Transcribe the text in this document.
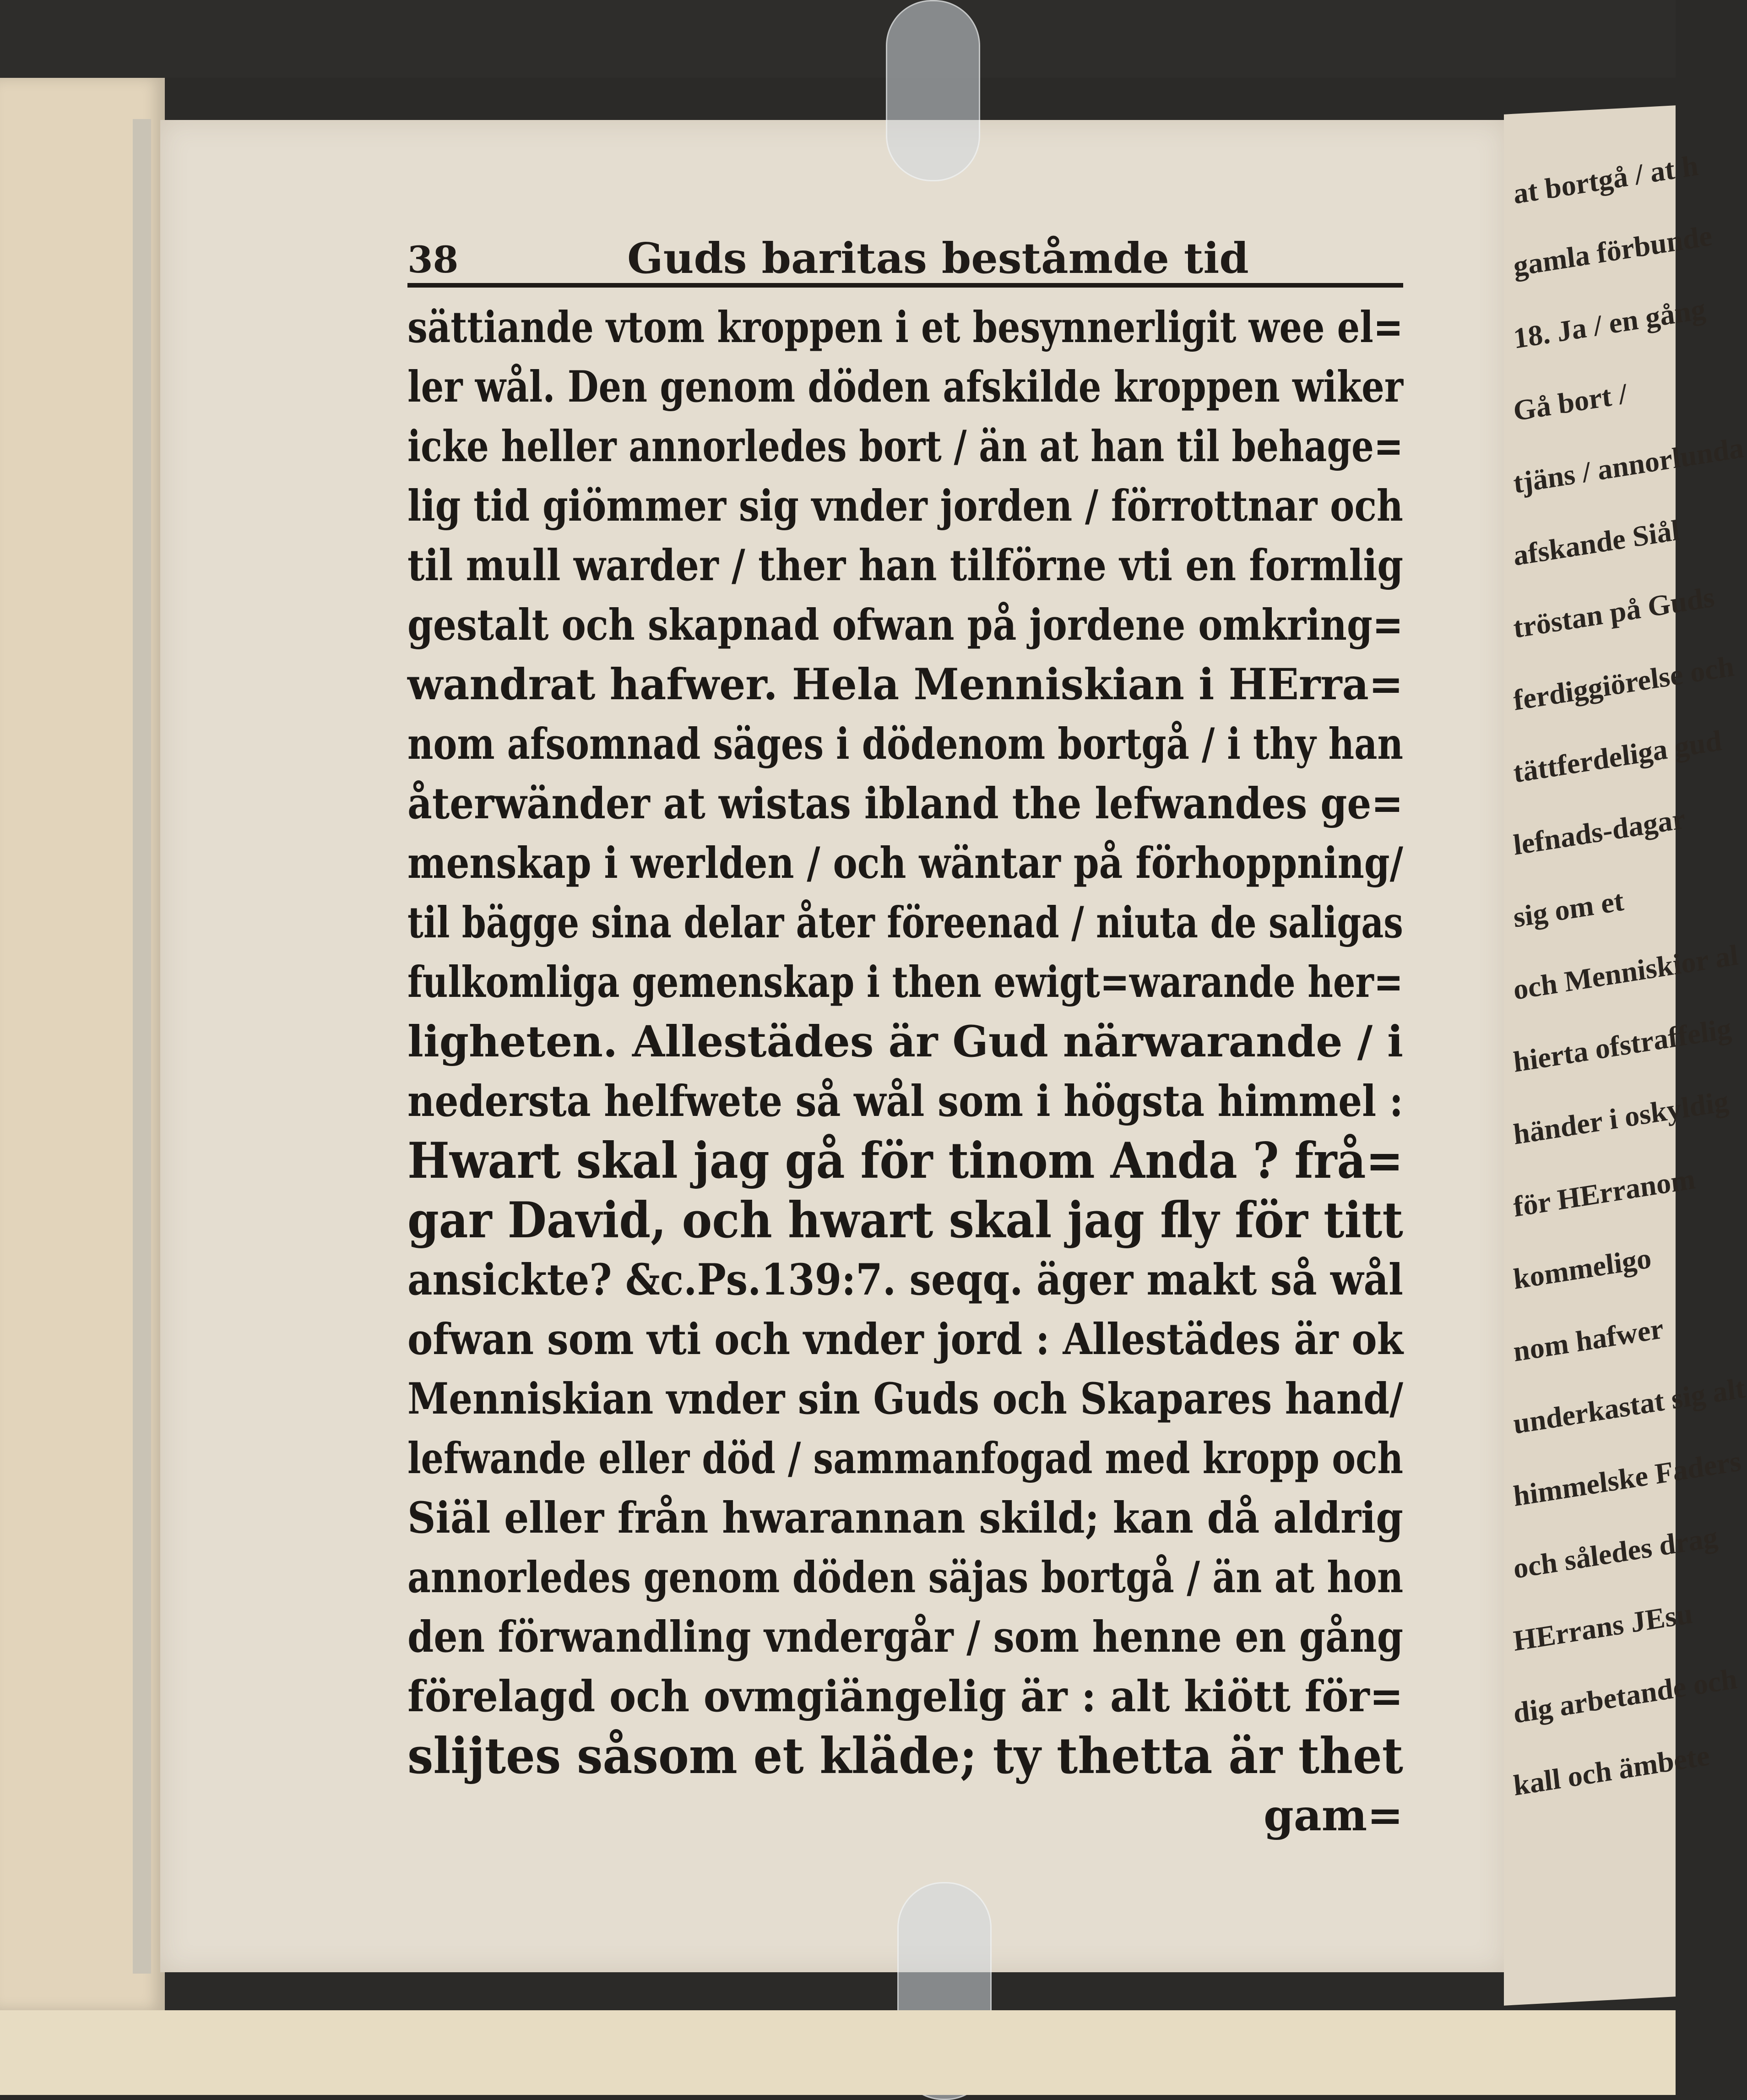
at bortgå / at h
gamla förbunde
18. Ja / en gång
Gå bort /
tjäns / annorlunda
afskande Siål
tröstan på Guds
ferdiggiörelse och
tättferdeliga gud
lefnads-dagar
sig om et
och Menniskior al
hierta ofstraffelig
händer i oskyldig
för HErranom
kommeligo
nom hafwer
underkastat sig alt
himmelske Faders
och således drag
HErrans JEsu
dig arbetande och
kall och ämbete
38	Guds baritas beståmde tid
sättiande vtom kroppen i et besynnerligit wee el=
ler wål. Den genom döden afskilde kroppen wiker
icke heller annorledes bort / än at han til behage=
lig tid giömmer sig vnder jorden / förrottnar och
til mull warder / ther han tilförne vti en formlig
gestalt och skapnad ofwan på jordene omkring=
wandrat hafwer. Hela Menniskian i HErra=
nom afsomnad säges i dödenom bortgå / i thy han
återwänder at wistas ibland the lefwandes ge=
menskap i werlden / och wäntar på förhoppning/
til bägge sina delar åter föreenad / niuta de saligas
fulkomliga gemenskap i then ewigt=warande her=
ligheten. Allestädes är Gud närwarande / i
nedersta helfwete så wål som i högsta himmel :
Hwart skal jag gå för tinom Anda ? frå=
gar David, och hwart skal jag fly för titt
ansickte? &c.Ps.139:7. seqq. äger makt så wål
ofwan som vti och vnder jord : Allestädes är ok
Menniskian vnder sin Guds och Skapares hand/
lefwande eller död / sammanfogad med kropp och
Siäl eller från hwarannan skild; kan då aldrig
annorledes genom döden säjas bortgå / än at hon
den förwandling vndergår / som henne en gång
förelagd och ovmgiängelig är : alt kiött för=
slijtes såsom et kläde; ty thetta är thet
gam=
